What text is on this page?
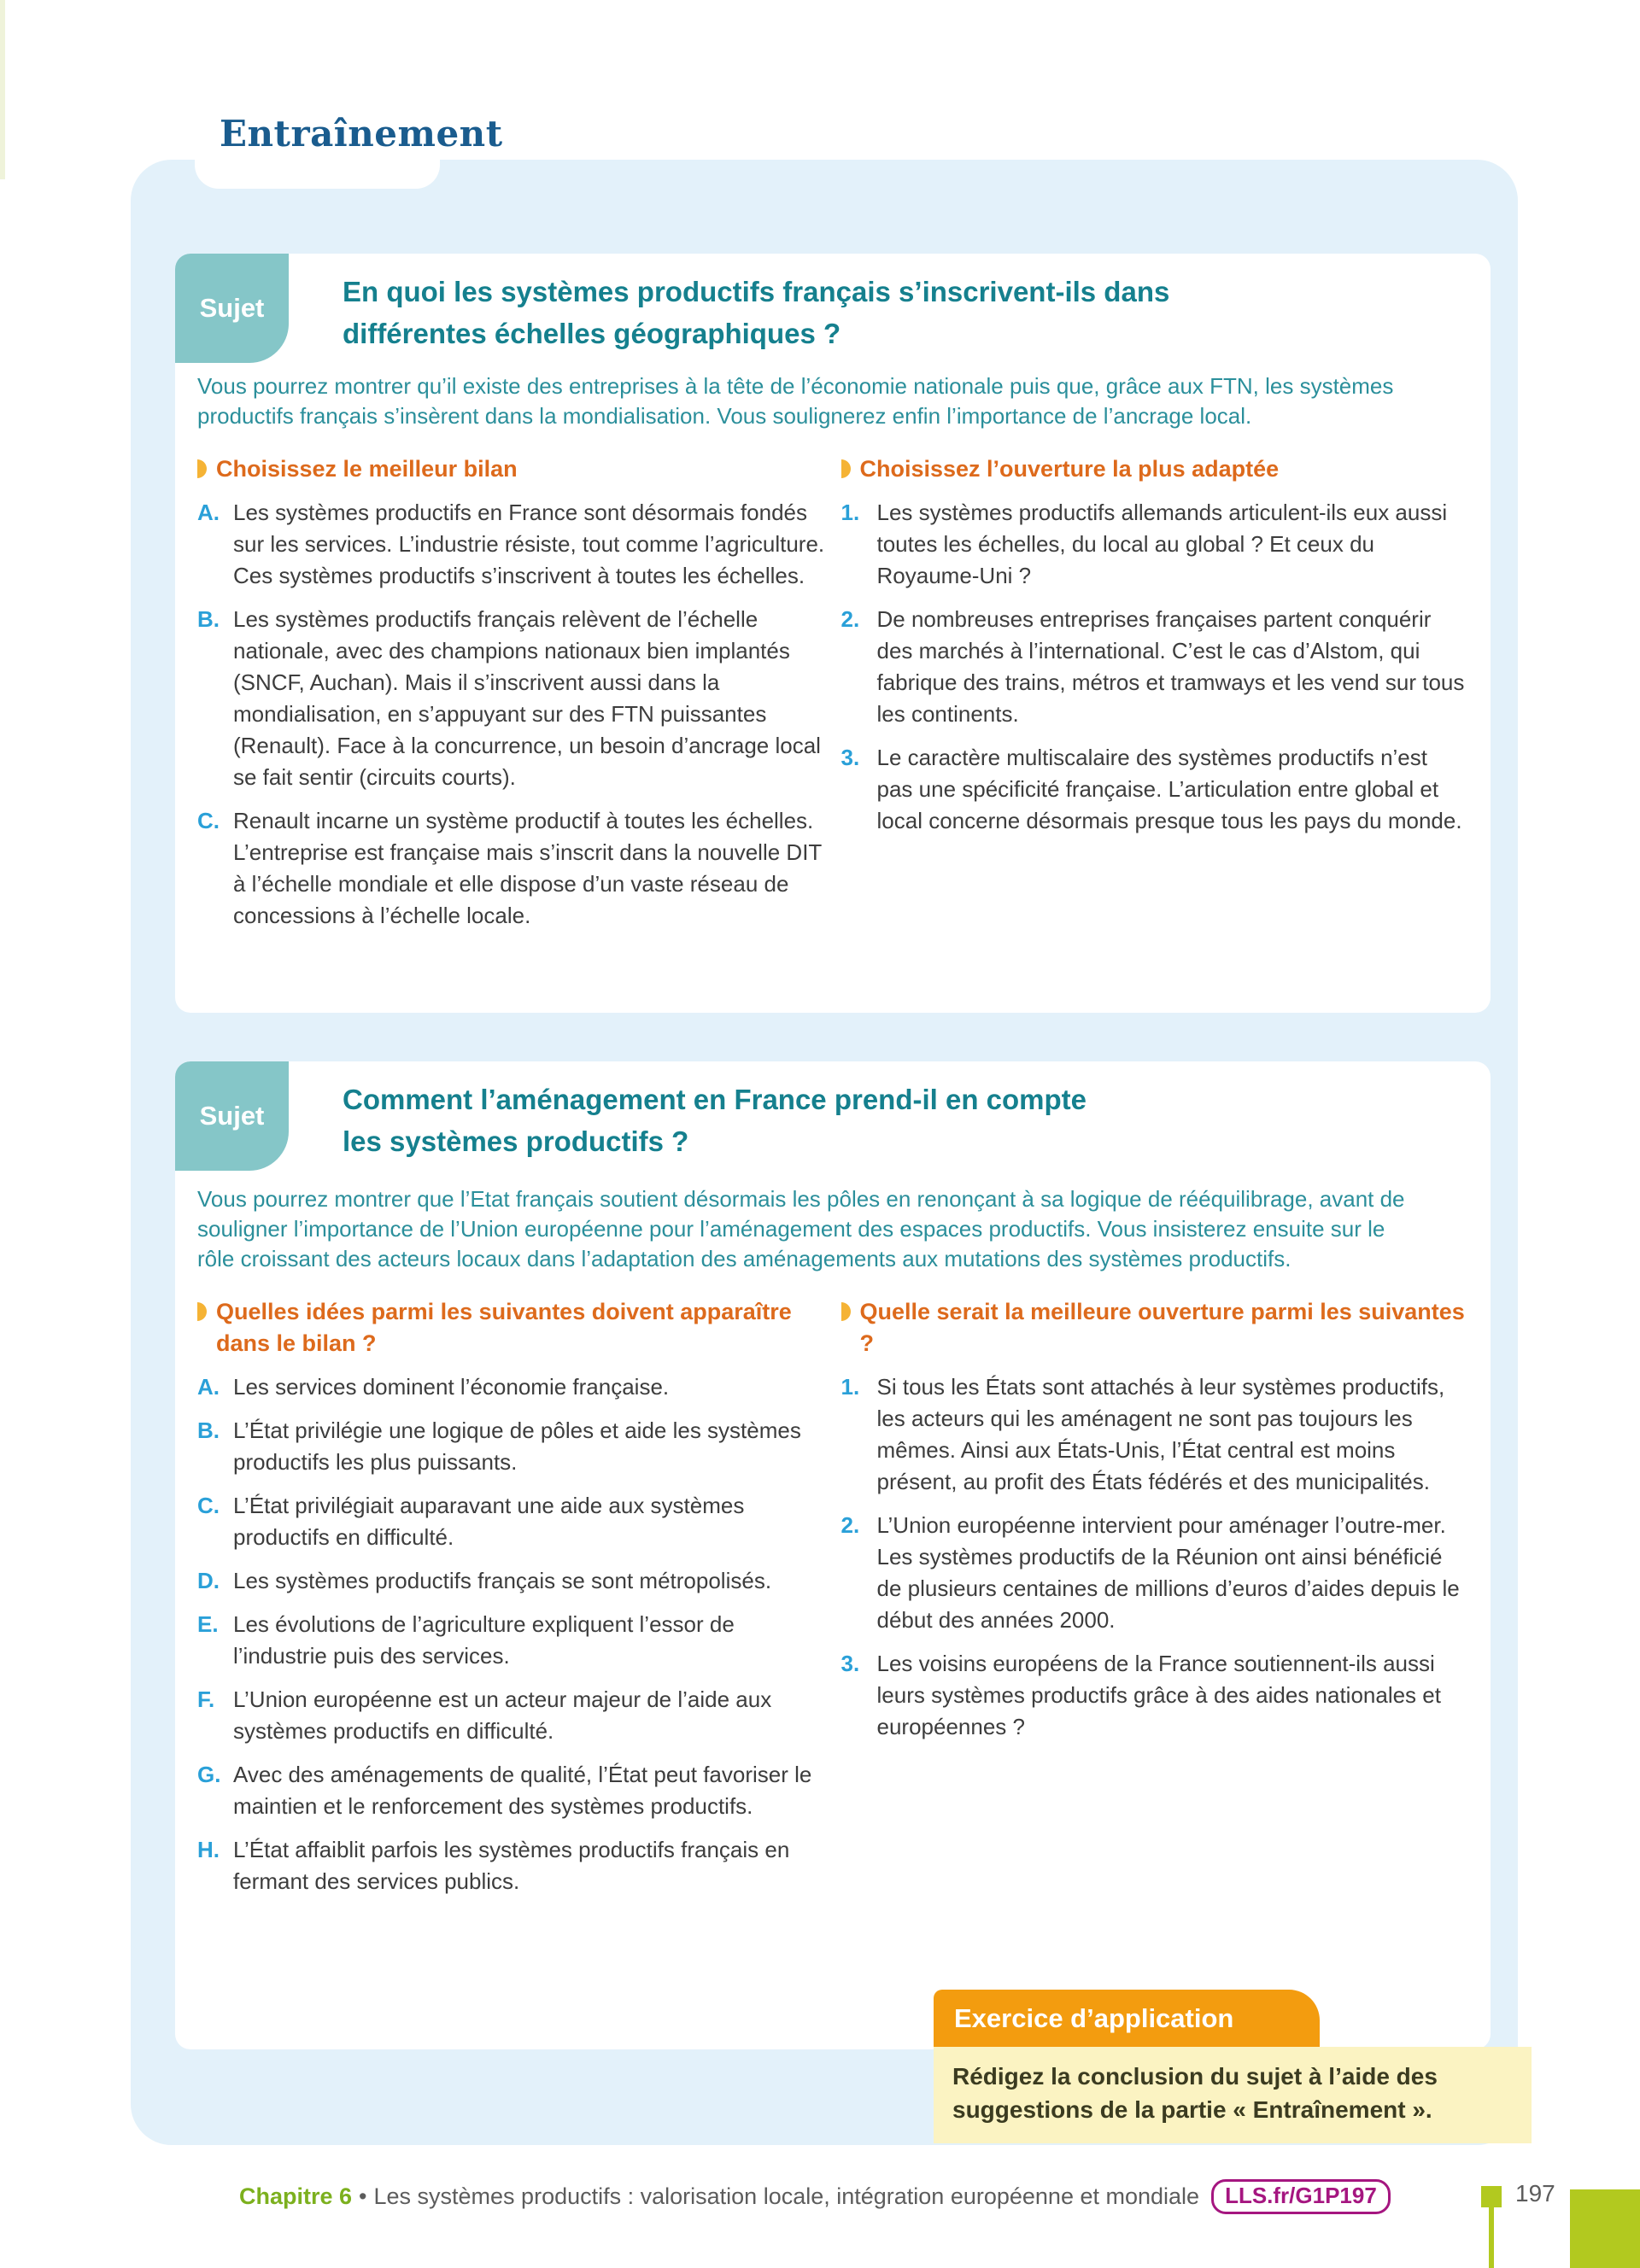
Entraînement
Sujet
En quoi les systèmes productifs français s’inscrivent-ils dans
différentes échelles géographiques ?
Vous pourrez montrer qu’il existe des entreprises à la tête de l’économie nationale puis que, grâce aux FTN, les systèmes productifs français s’insèrent dans la mondialisation. Vous soulignerez enfin l’importance de l’ancrage local.
Choisissez le meilleur bilan
A. Les systèmes productifs en France sont désormais fondés sur les services. L’industrie résiste, tout comme l’agriculture. Ces systèmes productifs s’inscrivent à toutes les échelles.
B. Les systèmes productifs français relèvent de l’échelle nationale, avec des champions nationaux bien implantés (SNCF, Auchan). Mais il s’inscrivent aussi dans la mondialisation, en s’appuyant sur des FTN puissantes (Renault). Face à la concurrence, un besoin d’ancrage local se fait sentir (circuits courts).
C. Renault incarne un système productif à toutes les échelles. L’entreprise est française mais s’inscrit dans la nouvelle DIT à l’échelle mondiale et elle dispose d’un vaste réseau de concessions à l’échelle locale.
Choisissez l’ouverture la plus adaptée
1. Les systèmes productifs allemands articulent-ils eux aussi toutes les échelles, du local au global ? Et ceux du Royaume-Uni ?
2. De nombreuses entreprises françaises partent conquérir des marchés à l’international. C’est le cas d’Alstom, qui fabrique des trains, métros et tramways et les vend sur tous les continents.
3. Le caractère multiscalaire des systèmes productifs n’est pas une spécificité française. L’articulation entre global et local concerne désormais presque tous les pays du monde.
Sujet
Comment l’aménagement en France prend-il en compte
les systèmes productifs ?
Vous pourrez montrer que l’Etat français soutient désormais les pôles en renonçant à sa logique de rééquilibrage, avant de souligner l’importance de l’Union européenne pour l’aménagement des espaces productifs. Vous insisterez ensuite sur le rôle croissant des acteurs locaux dans l’adaptation des aménagements aux mutations des systèmes productifs.
Quelles idées parmi les suivantes doivent apparaître dans le bilan ?
A. Les services dominent l’économie française.
B. L’État privilégie une logique de pôles et aide les systèmes productifs les plus puissants.
C. L’État privilégiait auparavant une aide aux systèmes productifs en difficulté.
D. Les systèmes productifs français se sont métropolisés.
E. Les évolutions de l’agriculture expliquent l’essor de l’industrie puis des services.
F. L’Union européenne est un acteur majeur de l’aide aux systèmes productifs en difficulté.
G. Avec des aménagements de qualité, l’État peut favoriser le maintien et le renforcement des systèmes productifs.
H. L’État affaiblit parfois les systèmes productifs français en fermant des services publics.
Quelle serait la meilleure ouverture parmi les suivantes ?
1. Si tous les États sont attachés à leur systèmes productifs, les acteurs qui les aménagent ne sont pas toujours les mêmes. Ainsi aux États-Unis, l’État central est moins présent, au profit des États fédérés et des municipalités.
2. L’Union européenne intervient pour aménager l’outre-mer. Les systèmes productifs de la Réunion ont ainsi bénéficié de plusieurs centaines de millions d’euros d’aides depuis le début des années 2000.
3. Les voisins européens de la France soutiennent-ils aussi leurs systèmes productifs grâce à des aides nationales et européennes ?
Exercice d’application
Rédigez la conclusion du sujet à l’aide des suggestions de la partie « Entraînement ».
Chapitre 6 • Les systèmes productifs : valorisation locale, intégration européenne et mondiale	LLS.fr/G1P197	197
